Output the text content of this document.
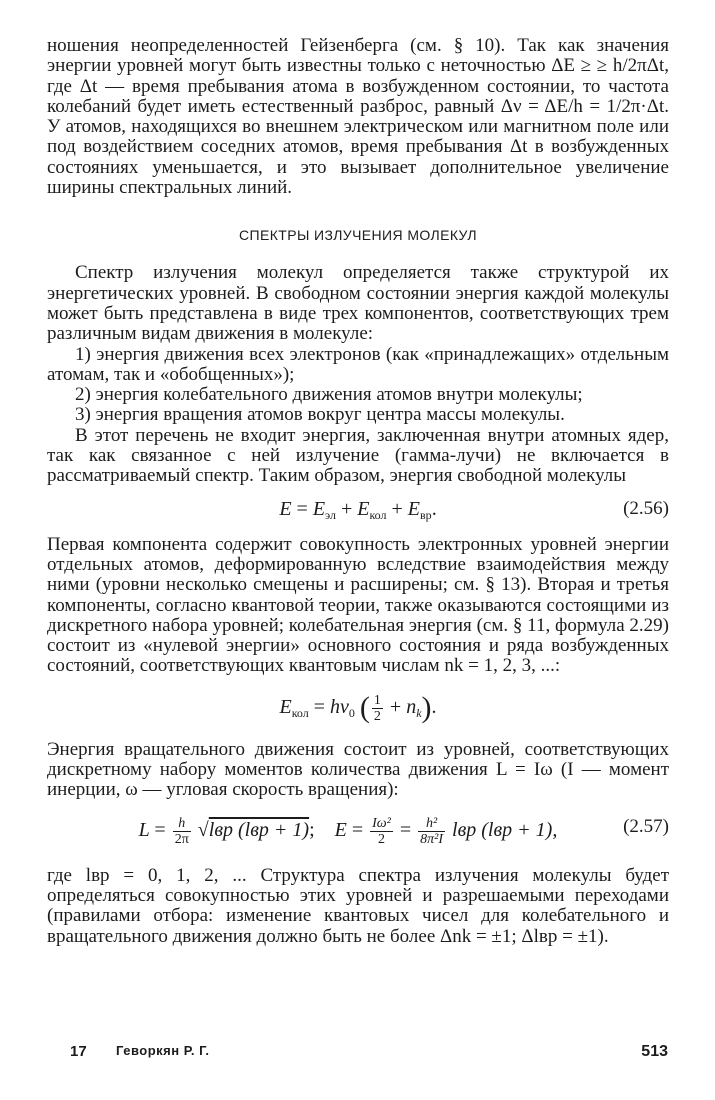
ношения неопределенностей Гейзенберга (см. § 10). Так как значения энергии уровней могут быть известны только с неточностью ΔE ≥ ≥ h/2πΔt, где Δt — время пребывания атома в возбужденном состоянии, то частота колебаний будет иметь естественный разброс, равный Δν = ΔE/h = 1/2π·Δt. У атомов, находящихся во внешнем электрическом или магнитном поле или под воздействием соседних атомов, время пребывания Δt в возбужденных состояниях уменьшается, и это вызывает дополнительное увеличение ширины спектральных линий.

СПЕКТРЫ ИЗЛУЧЕНИЯ МОЛЕКУЛ

Спектр излучения молекул определяется также структурой их энергетических уровней. В свободном состоянии энергия каждой молекулы может быть представлена в виде трех компонентов, соответствующих трем различным видам движения в молекуле:

1) энергия движения всех электронов (как «принадлежащих» отдельным атомам, так и «обобщенных»);

2) энергия колебательного движения атомов внутри молекулы;

3) энергия вращения атомов вокруг центра массы молекулы.

В этот перечень не входит энергия, заключенная внутри атомных ядер, так как связанное с ней излучение (гамма-лучи) не включается в рассматриваемый спектр. Таким образом, энергия свободной молекулы

$E = E_{эл} + E_{кол} + E_{вр}$.	(2.56)

Первая компонента содержит совокупность электронных уровней энергии отдельных атомов, деформированную вследствие взаимодействия между ними (уровни несколько смещены и расширены; см. § 13). Вторая и третья компоненты, согласно квантовой теории, также оказываются состоящими из дискретного набора уровней; колебательная энергия (см. § 11, формула 2.29) состоит из «нулевой энергии» основного состояния и ряда возбужденных состояний, соответствующих квантовым числам nk = 1, 2, 3, ...:

$E_{кол} = h\nu_0$ ( $\frac{1}{2} + n_k$).

Энергия вращательного движения состоит из уровней, соответствующих дискретному набору моментов количества движения L = Iω (I — момент инерции, ω — угловая скорость вращения):

$L = \frac{h}{2\pi} √lвр$ (lвр + 1); $E = \frac{\text{Iω²}}{2} = \frac{\text{h²}}{\text{8π²I}}$ lвр (lвр + 1),	(2.57)

где lвр = 0, 1, 2, ... Структура спектра излучения молекулы будет определяться совокупностью этих уровней и разрешаемыми переходами (правилами отбора: изменение квантовых чисел для колебательного и вращательного движения должно быть не более Δnk = ±1; Δlвр = ±1).

17 Геворкян Р. Г.	513
